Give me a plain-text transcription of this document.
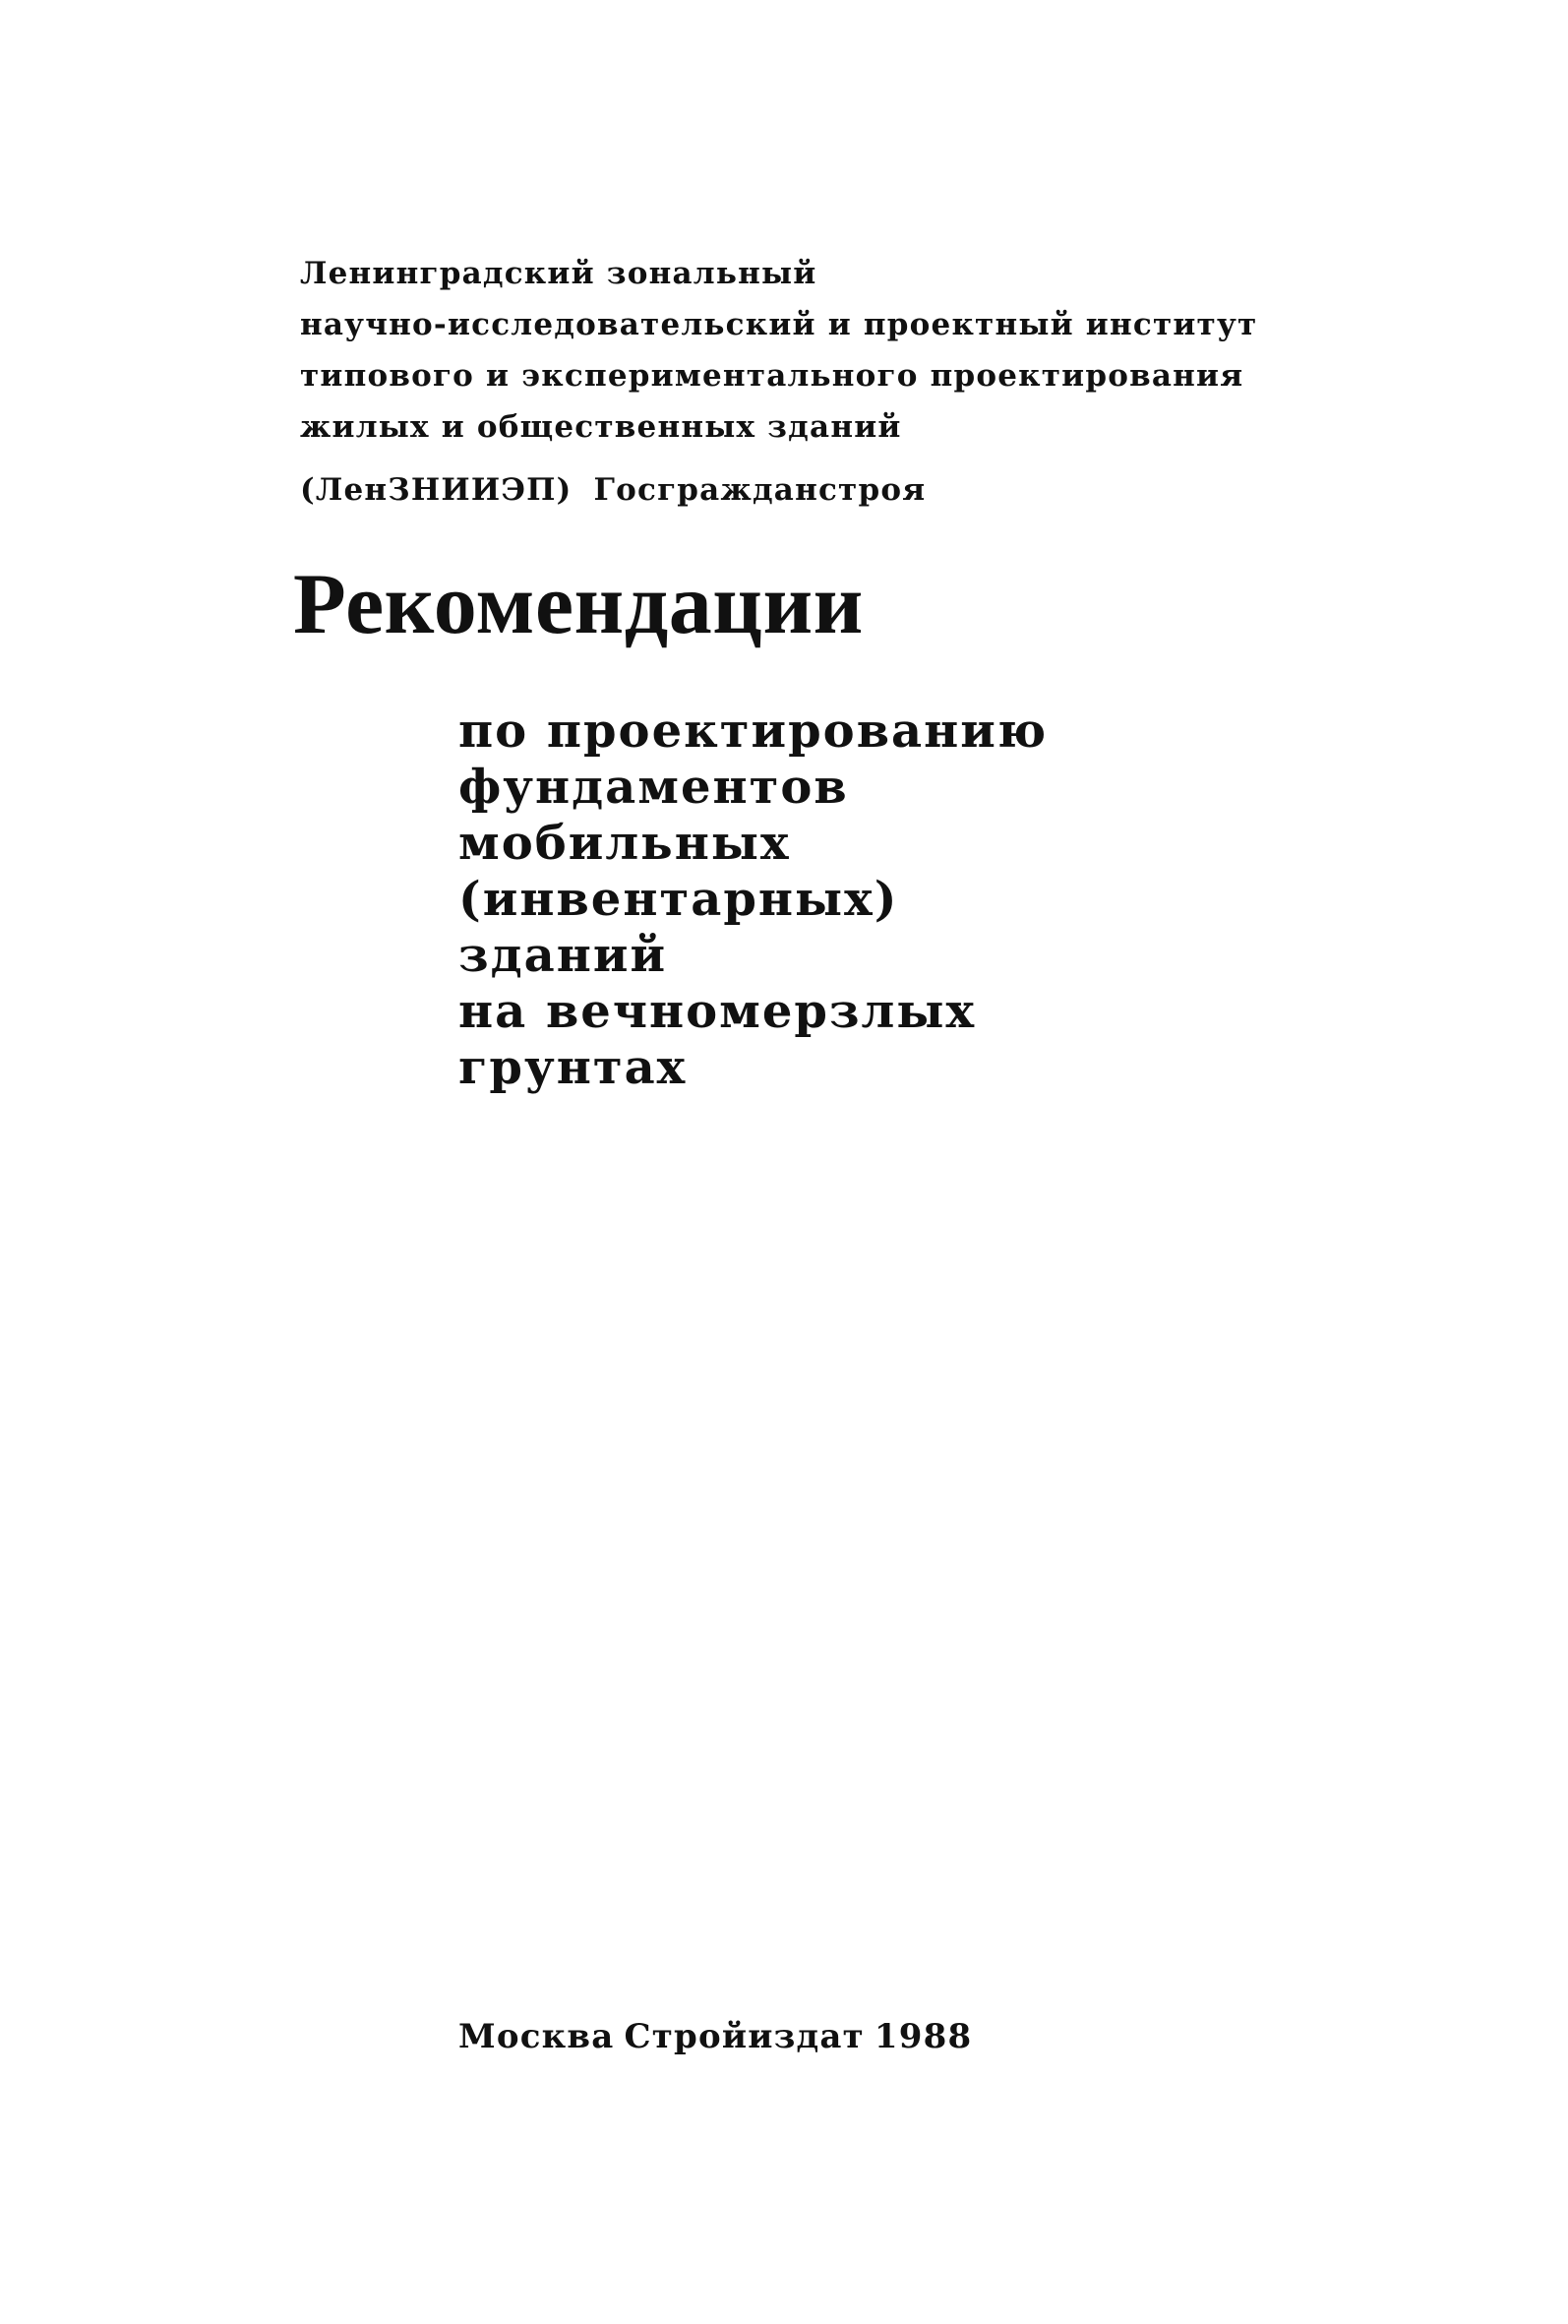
Ленинградский зональный
научно-исследовательский и проектный институт
типового и экспериментального проектирования
жилых и общественных зданий

(ЛенЗНИИЭП) Госгражданстроя

Рекомендации

по проектированию
фундаментов
мобильных
(инвентарных)
зданий
на вечномерзлых
грунтах

Москва Стройиздат 1988
